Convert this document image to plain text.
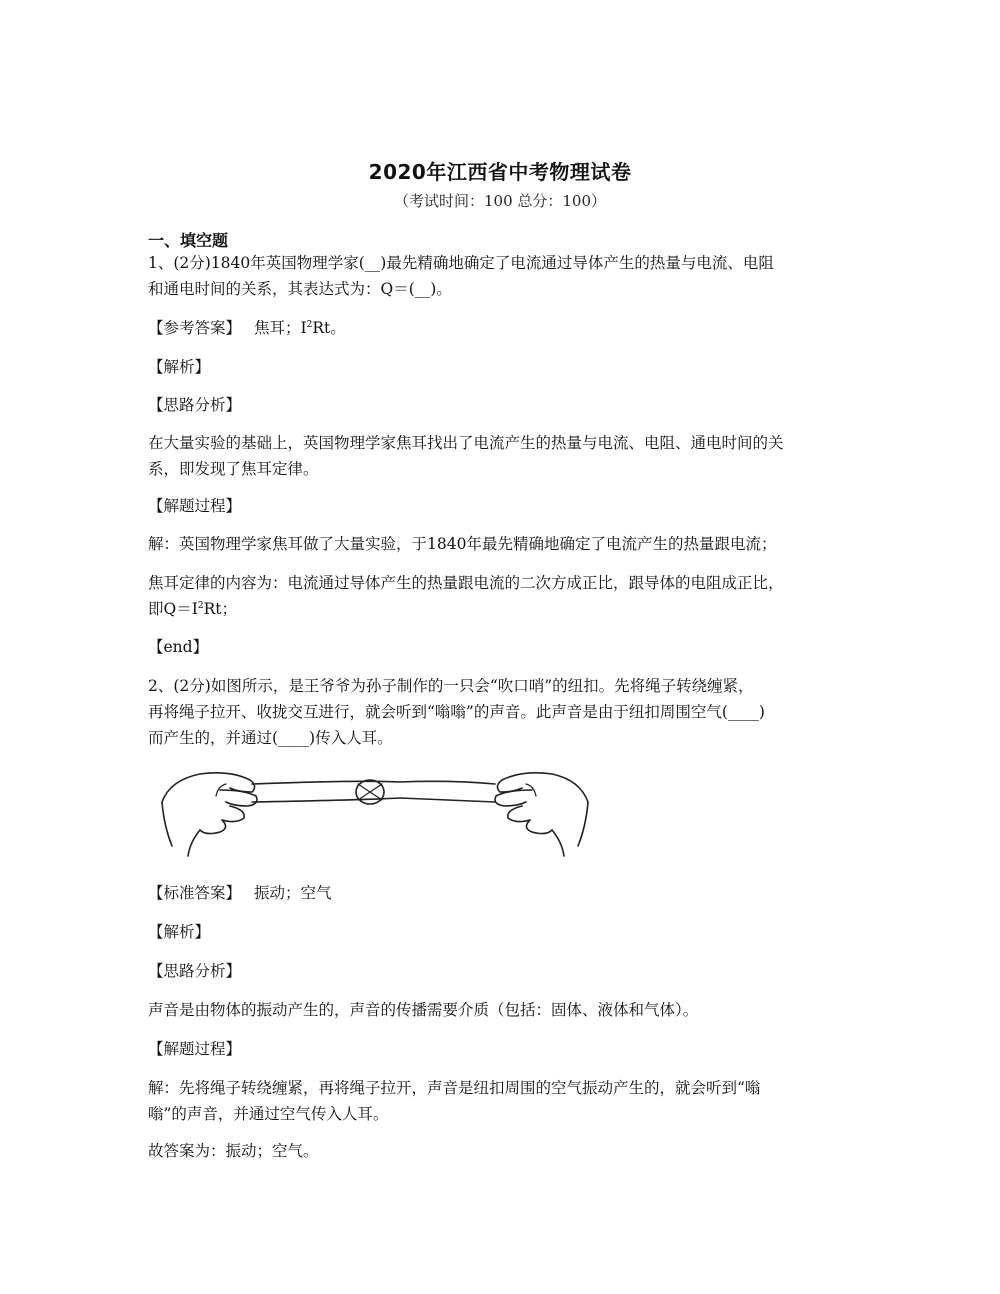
2020年江西省中考物理试卷
（考试时间：100 总分：100）
一、填空题

1、(2分)1840年英国物理学家(__)最先精确地确定了电流通过导体产生的热量与电流、电阻
和通电时间的关系，其表达式为：Q＝(__)。

【参考答案】 焦耳；$I^2Rt$。
【解析】
【思路分析】

在大量实验的基础上，英国物理学家焦耳找出了电流产生的热量与电流、电阻、通电时间的关
系，即发现了焦耳定律。

【解题过程】

解：英国物理学家焦耳做了大量实验，于1840年最先精确地确定了电流产生的热量跟电流；

焦耳定律的内容为：电流通过导体产生的热量跟电流的二次方成正比，跟导体的电阻成正比，
即$Q=I^2Rt$；

【end】

2、(2分)如图所示，是王爷爷为孙子制作的一只会“吹口哨”的纽扣。先将绳子转绕缠紧，
再将绳子拉开、收拢交互进行，就会听到“嗡嗡”的声音。此声音是由于纽扣周围空气(____)
而产生的，并通过(____)传入人耳。

【标准答案】 振动；空气
【解析】
【思路分析】

声音是由物体的振动产生的，声音的传播需要介质（包括：固体、液体和气体）。

【解题过程】

解：先将绳子转绕缠紧，再将绳子拉开，声音是纽扣周围的空气振动产生的，就会听到“嗡
嗡”的声音，并通过空气传入人耳。

故答案为：振动；空气。
